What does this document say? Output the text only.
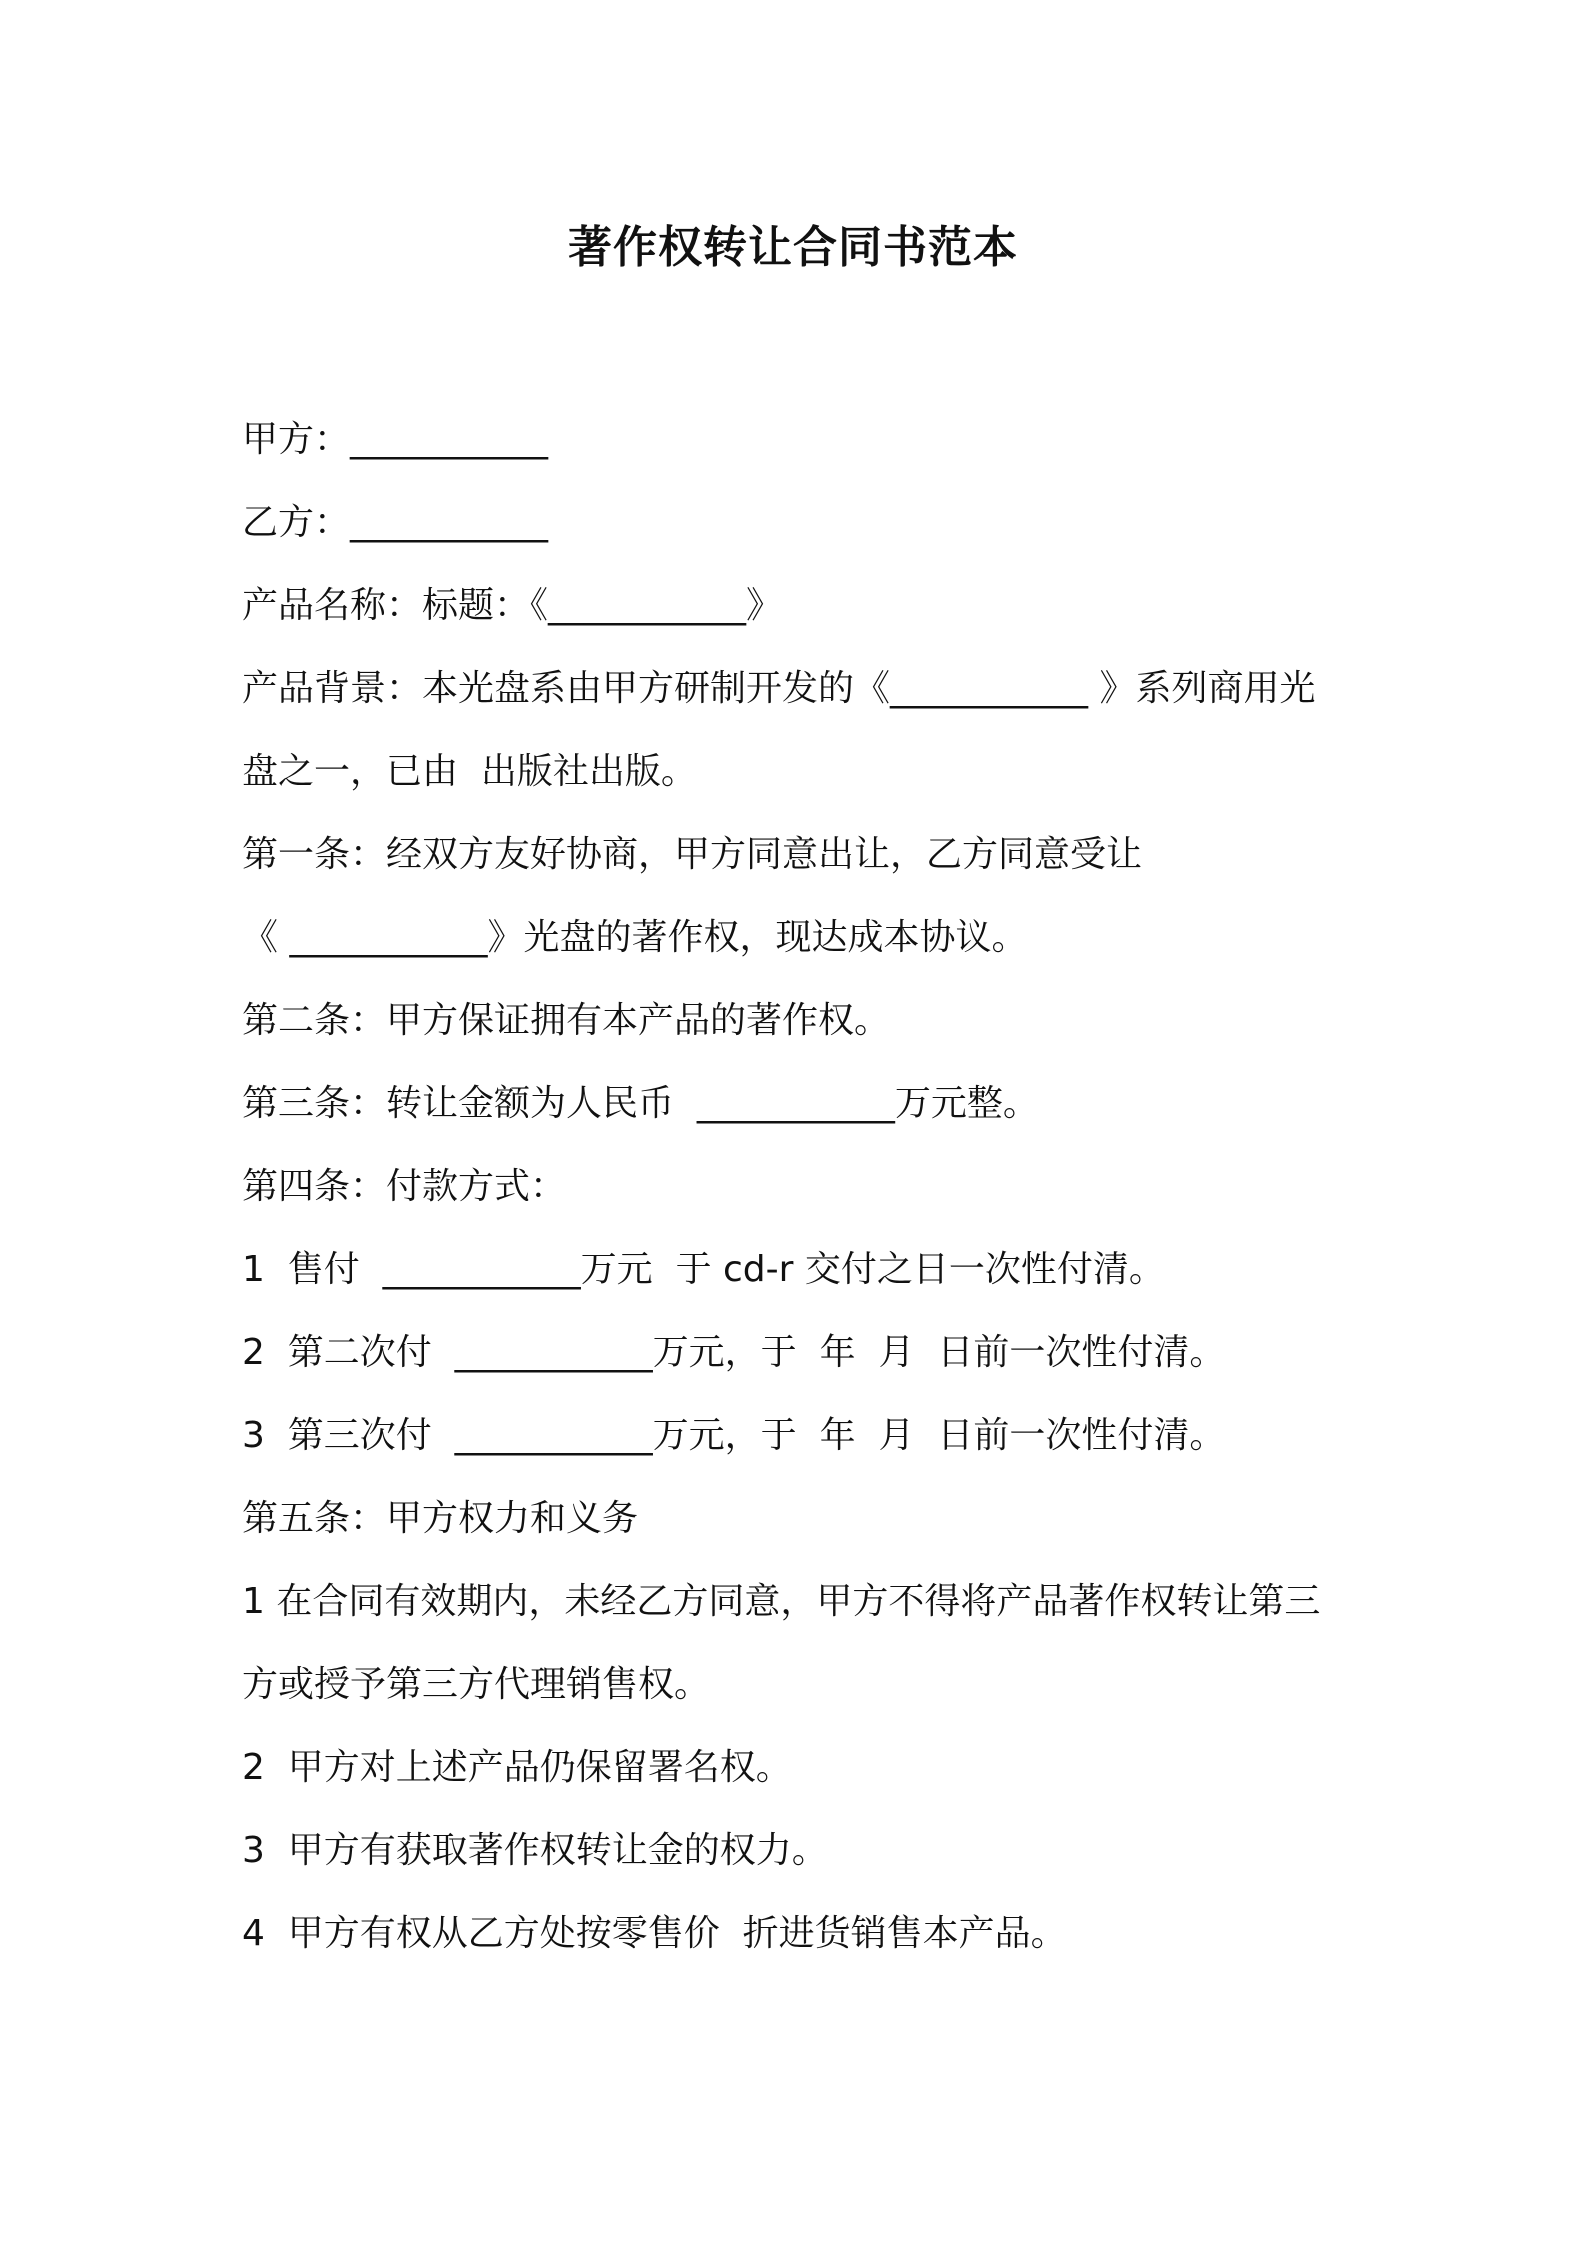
著作权转让合同书范本
甲方：___________
乙方：___________
产品名称：标题：《___________》
产品背景：本光盘系由甲方研制开发的《___________ 》系列商用光
盘之一，已由  出版社出版。
第一条：经双方友好协商，甲方同意出让，乙方同意受让
《 ___________》光盘的著作权，现达成本协议。
第二条：甲方保证拥有本产品的著作权。
第三条：转让金额为人民币  ___________万元整。
第四条：付款方式：
1  售付  ___________万元  于 cd-r 交付之日一次性付清。
2  第二次付  ___________万元，于  年  月  日前一次性付清。
3  第三次付  ___________万元，于  年  月  日前一次性付清。
第五条：甲方权力和义务
1 在合同有效期内，未经乙方同意，甲方不得将产品著作权转让第三
方或授予第三方代理销售权。
2  甲方对上述产品仍保留署名权。
3  甲方有获取著作权转让金的权力。
4  甲方有权从乙方处按零售价  折进货销售本产品。
